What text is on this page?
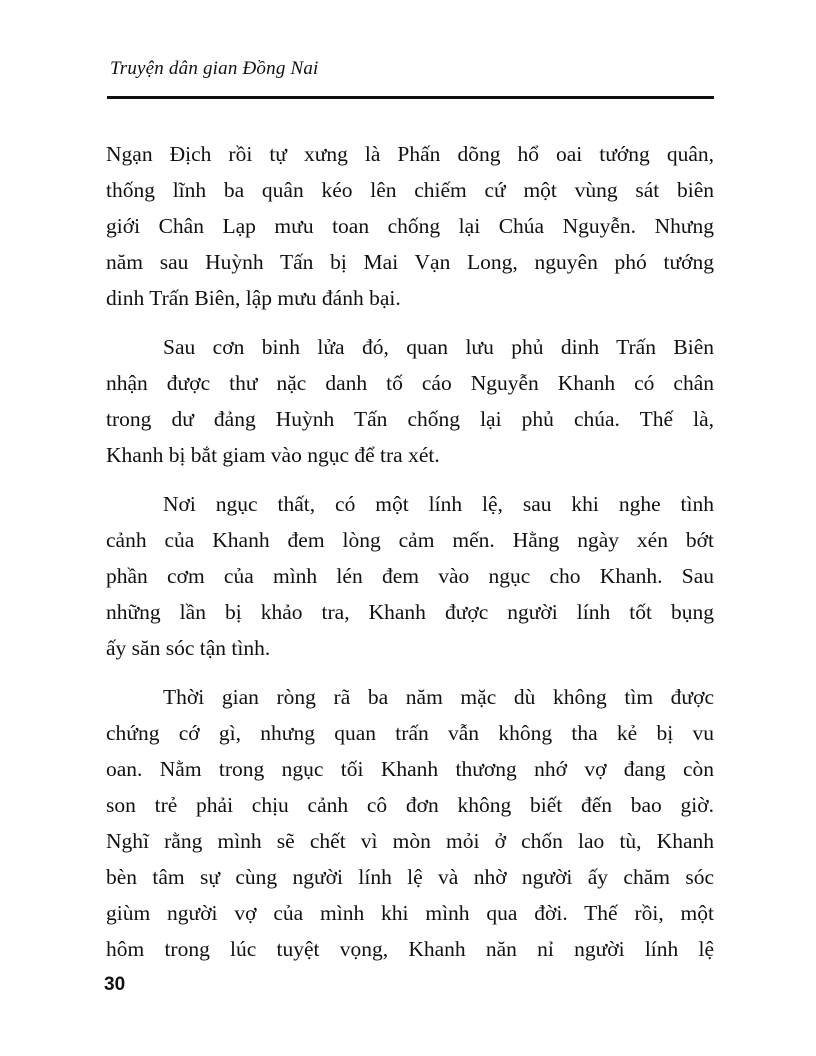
Truyện dân gian Đồng Nai

Ngạn Địch rồi tự xưng là Phấn dõng hổ oai tướng quân,
thống lĩnh ba quân kéo lên chiếm cứ một vùng sát biên
giới Chân Lạp mưu toan chống lại Chúa Nguyễn. Nhưng
năm sau Huỳnh Tấn bị Mai Vạn Long, nguyên phó tướng
dinh Trấn Biên, lập mưu đánh bại.

Sau cơn binh lửa đó, quan lưu phủ dinh Trấn Biên
nhận được thư nặc danh tố cáo Nguyễn Khanh có chân
trong dư đảng Huỳnh Tấn chống lại phủ chúa. Thế là,
Khanh bị bắt giam vào ngục để tra xét.

Nơi ngục thất, có một lính lệ, sau khi nghe tình
cảnh của Khanh đem lòng cảm mến. Hằng ngày xén bớt
phần cơm của mình lén đem vào ngục cho Khanh. Sau
những lần bị khảo tra, Khanh được người lính tốt bụng
ấy săn sóc tận tình.

Thời gian ròng rã ba năm mặc dù không tìm được
chứng cớ gì, nhưng quan trấn vẫn không tha kẻ bị vu
oan. Nằm trong ngục tối Khanh thương nhớ vợ đang còn
son trẻ phải chịu cảnh cô đơn không biết đến bao giờ.
Nghĩ rằng mình sẽ chết vì mòn mỏi ở chốn lao tù, Khanh
bèn tâm sự cùng người lính lệ và nhờ người ấy chăm sóc
giùm người vợ của mình khi mình qua đời. Thế rồi, một
hôm trong lúc tuyệt vọng, Khanh năn nỉ người lính lệ

30
